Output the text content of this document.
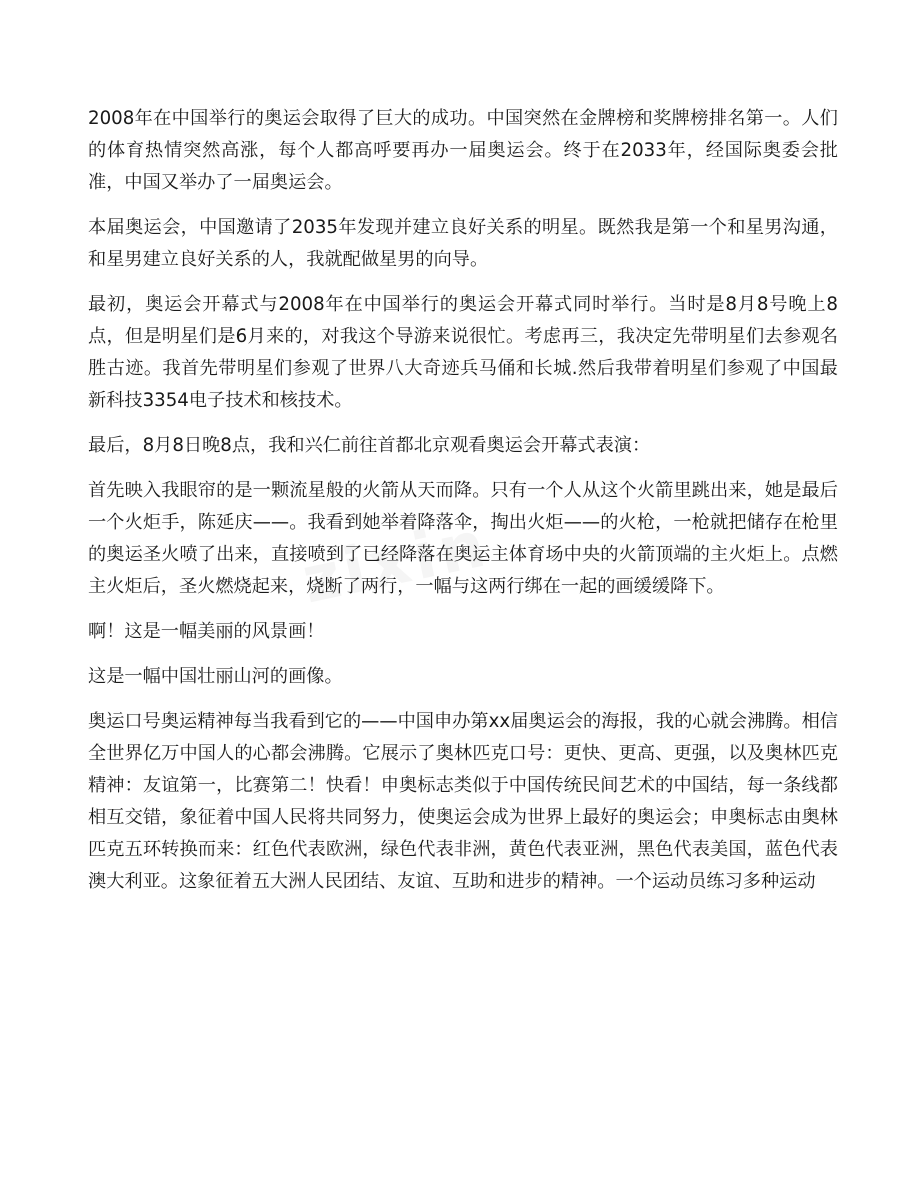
2008年在中国举行的奥运会取得了巨大的成功。中国突然在金牌榜和奖牌榜排名第一。人们的体育热情突然高涨，每个人都高呼要再办一届奥运会。终于在2033年，经国际奥委会批准，中国又举办了一届奥运会。

本届奥运会，中国邀请了2035年发现并建立良好关系的明星。既然我是第一个和星男沟通，和星男建立良好关系的人，我就配做星男的向导。

最初，奥运会开幕式与2008年在中国举行的奥运会开幕式同时举行。当时是8月8号晚上8点，但是明星们是6月来的，对我这个导游来说很忙。考虑再三，我决定先带明星们去参观名胜古迹。我首先带明星们参观了世界八大奇迹兵马俑和长城.然后我带着明星们参观了中国最新科技3354电子技术和核技术。

最后，8月8日晚8点，我和兴仁前往首都北京观看奥运会开幕式表演：

首先映入我眼帘的是一颗流星般的火箭从天而降。只有一个人从这个火箭里跳出来，她是最后一个火炬手，陈延庆——。我看到她举着降落伞，掏出火炬——的火枪，一枪就把储存在枪里的奥运圣火喷了出来，直接喷到了已经降落在奥运主体育场中央的火箭顶端的主火炬上。点燃主火炬后，圣火燃烧起来，烧断了两行，一幅与这两行绑在一起的画缓缓降下。

啊！这是一幅美丽的风景画！

这是一幅中国壮丽山河的画像。

奥运口号奥运精神每当我看到它的——中国申办第xx届奥运会的海报，我的心就会沸腾。相信全世界亿万中国人的心都会沸腾。它展示了奥林匹克口号：更快、更高、更强，以及奥林匹克精神：友谊第一，比赛第二！快看！申奥标志类似于中国传统民间艺术的中国结，每一条线都相互交错，象征着中国人民将共同努力，使奥运会成为世界上最好的奥运会；申奥标志由奥林匹克五环转换而来：红色代表欧洲，绿色代表非洲，黄色代表亚洲，黑色代表美国，蓝色代表澳大利亚。这象征着五大洲人民团结、友谊、互助和进步的精神。一个运动员练习多种运动
